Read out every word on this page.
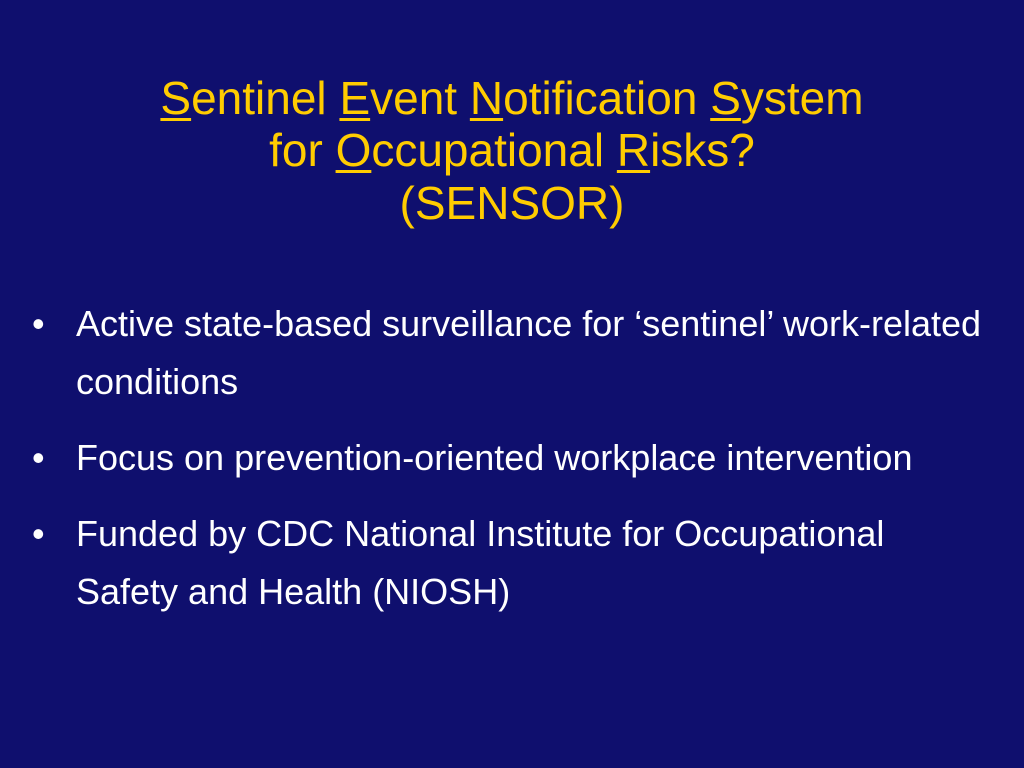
Sentinel Event Notification System
for Occupational Risks?
(SENSOR)
• Active state-based surveillance for ‘sentinel’ work-related conditions
• Focus on prevention-oriented workplace intervention
• Funded by CDC National Institute for Occupational Safety and Health (NIOSH)
